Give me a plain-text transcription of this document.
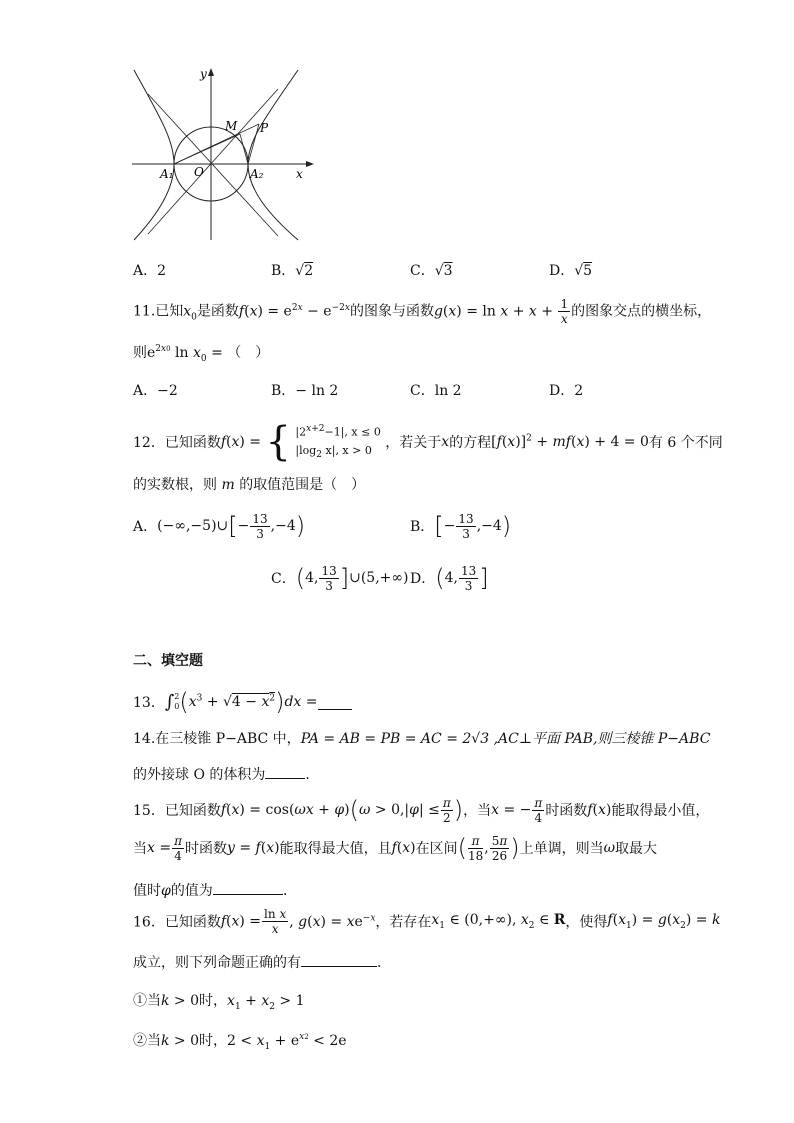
y
x
M P
A₁ O	A₂
A．2	B．√2	C．√3	D．√5
11.已知$x_0$是函数$f(x) = e^{2x} - e^{-2x}$的图象与函数$g(x) = \ln x + x + \frac{1}{x}$ 的图象交点的横坐标，
则$e^{2x0}$ $\ln x_0$ = （　）
A．−2	B．− ln 2	C．ln 2	D．2
12．已知函数f(x) = { $|2^{x+2}-1|$, x ≤ 0
$|\log_2$ x|, x > 0 ，若关于x的方程$[f(x)]^2 + mf(x) + 4 = 0$有 6 个不同
的实数根，则 m 的取值范围是（　）
A．(−∞,−5)∪[− $\frac{13}{3} ,-4$)	B．[− $\frac{13}{3} ,-4$)
C．(4, $\frac{13}{3}$ ]∪(5,+∞) D．(4, $\frac{13}{3}$ ]
二、填空题
13．∫ 2
0 $(x^3 + √4 - x^2)dx$ =
14.在三棱锥 P−ABC 中，PA = AB = PB = AC = 2√3 ,AC⊥平面 PAB,则三棱锥 P−ABC
的外接球 O 的体积为	．
15．已知函数$f(x) = \cos(\omega x + \varphi)(\omega > 0,|\varphi| \le \frac{\pi}{2}$ )，当x = − $\frac{\pi}{4}$ 时函数f(x)能取得最小值，
当$x = \frac{\pi}{4}$ 时函数y = f(x)能取得最大值，且f(x)在区间( $\frac{\pi}{18}$ , $\frac{5\pi}{26}$ )上单调，则当ω取最大
值时φ的值为	.
16．已知函数$f(x) = \frac{\text{ln x}}{x}$ , $g(x) = xe^{-x}$，若存在$x_1$ ∈ (0,+∞), $x_2$ ∈ R，使得$f(x_1) = g(x_2) = k$
成立，则下列命题正确的有	．
①当k > 0时，$x_1 + x_2 > 1$
②当k > 0时，$2 < x_1 + e^{x2} < 2e$
